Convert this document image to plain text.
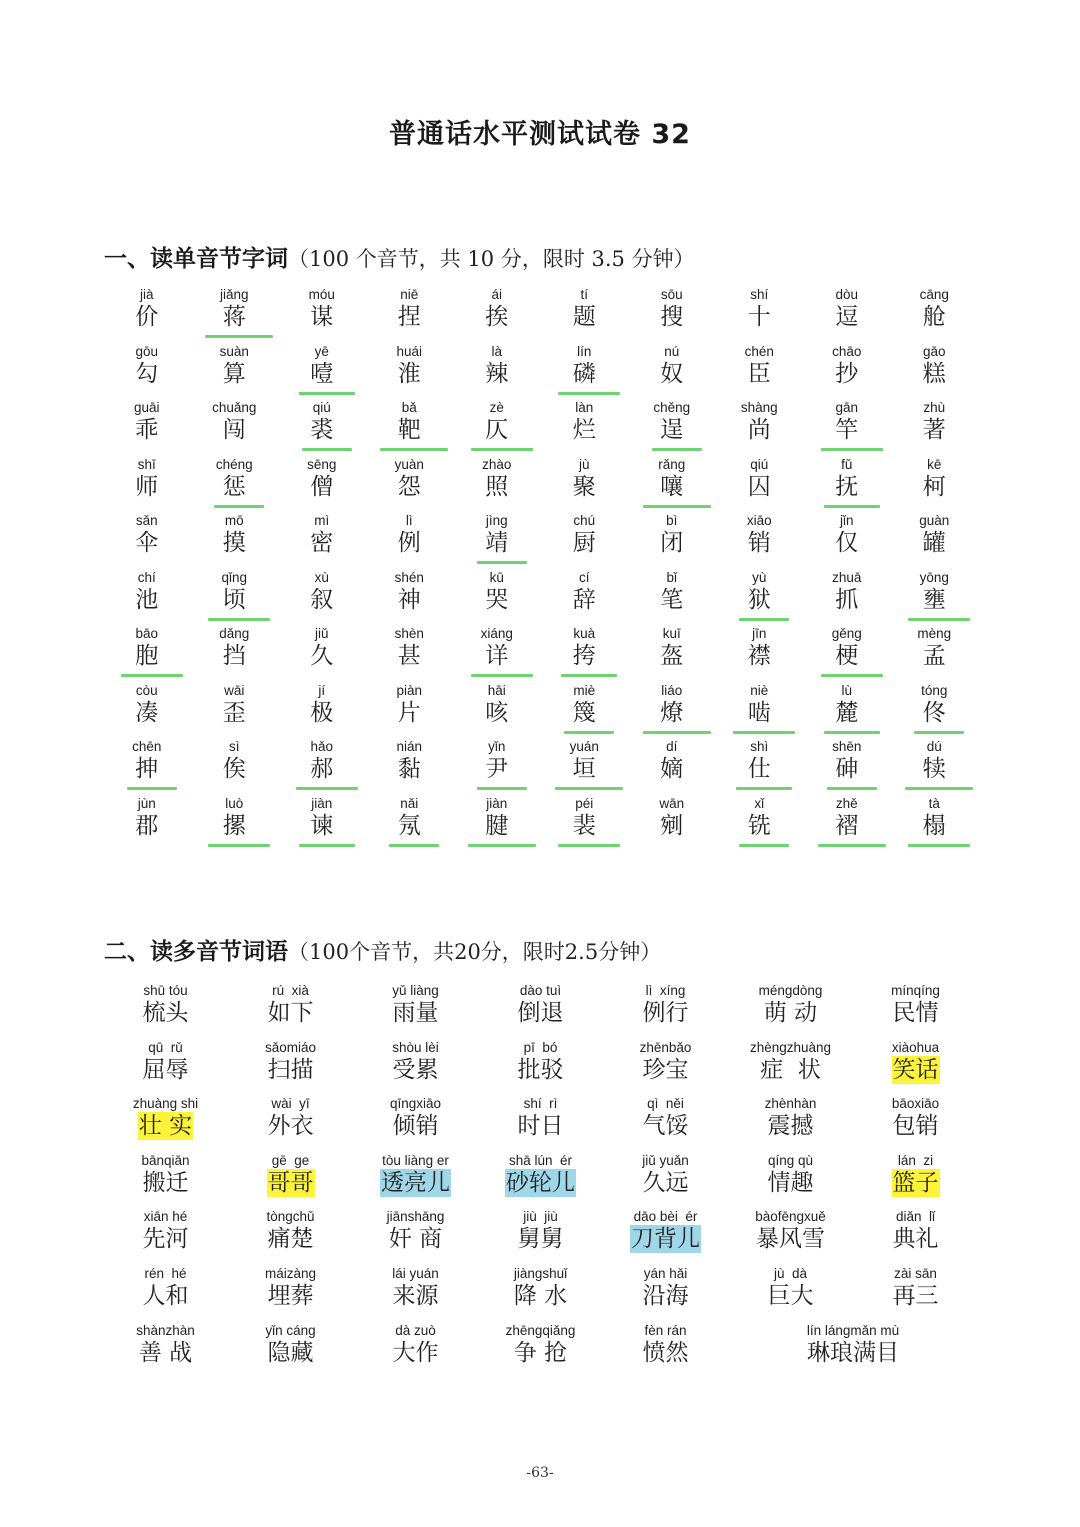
普通话水平测试试卷 32
一、读单音节字词（100 个音节，共 10 分，限时 3.5 分钟）
jià
价
jiǎng
蒋
móu
谋
niē
捏
ái
挨
tí
题
sōu
搜
shí
十
dòu
逗
cāng
舱
gōu
勾
suàn
算
yē
噎
huái
淮
là
辣
lín
磷
nú
奴
chén
臣
chāo
抄
gāo
糕
guāi
乖
chuǎng
闯
qiú
裘
bǎ
靶
zè
仄
làn
烂
chěng
逞
shàng
尚
gān
竿
zhù
著
shī
师
chéng
惩
sēng
僧
yuàn
怨
zhào
照
jù
聚
rǎng
嚷
qiú
囚
fǔ
抚
kē
柯
sǎn
伞
mō
摸
mì
密
lì
例
jìng
靖
chú
厨
bì
闭
xiāo
销
jǐn
仅
guàn
罐
chí
池
qǐng
顷
xù
叙
shén
神
kū
哭
cí
辞
bǐ
笔
yù
狱
zhuā
抓
yōng
壅
bāo
胞
dǎng
挡
jiǔ
久
shèn
甚
xiáng
详
kuà
挎
kuī
盔
jīn
襟
gěng
梗
mèng
孟
còu
凑
wāi
歪
jí
极
piàn
片
hāi
咳
miè
篾
liáo
燎
niè
啮
lù
麓
tóng
佟
chēn
抻
sì
俟
hǎo
郝
nián
黏
yǐn
尹
yuán
垣
dí
嫡
shì
仕
shēn
砷
dú
犊
jùn
郡
luò
摞
jiàn
谏
nǎi
氖
jiàn
腱
péi
裴
wān
剜
xǐ
铣
zhě
褶
tà
榻
二、读多音节词语（100个音节，共20分，限时2.5分钟）
shū tóu
梳头
rú  xià
如下
yǔ liàng
雨量
dào tuì
倒退
lì  xíng
例行
méngdòng
萌 动
mínqíng
民情
qū  rǔ
屈辱
sǎomiáo
扫描
shòu lèi
受累
pī  bó
批驳
zhēnbǎo
珍宝
zhèngzhuàng
症  状
xiàohua
笑话
zhuàng shi
壮 实
wài  yī
外衣
qīngxiāo
倾销
shí  rì
时日
qì  něi
气馁
zhènhàn
震撼
bāoxiāo
包销
bānqiān
搬迁
gē  ge
哥哥
tòu liàng er
透亮儿
shā lún  ér
砂轮儿
jiǔ yuǎn
久远
qíng qù
情趣
lán  zi
篮子
xiān hé
先河
tòngchǔ
痛楚
jiānshāng
奸 商
jiù  jiù
舅舅
dāo bèi  ér
刀背儿
bàofēngxuě
暴风雪
diǎn  lǐ
典礼
rén  hé
人和
máizàng
埋葬
lái yuán
来源
jiàngshuǐ
降 水
yán hǎi
沿海
jù  dà
巨大
zài sān
再三
shànzhàn
善 战
yǐn cáng
隐藏
dà zuò
大作
zhēngqiǎng
争 抢
fèn rán
愤然
lín lángmǎn mù
琳琅满目
-63-
